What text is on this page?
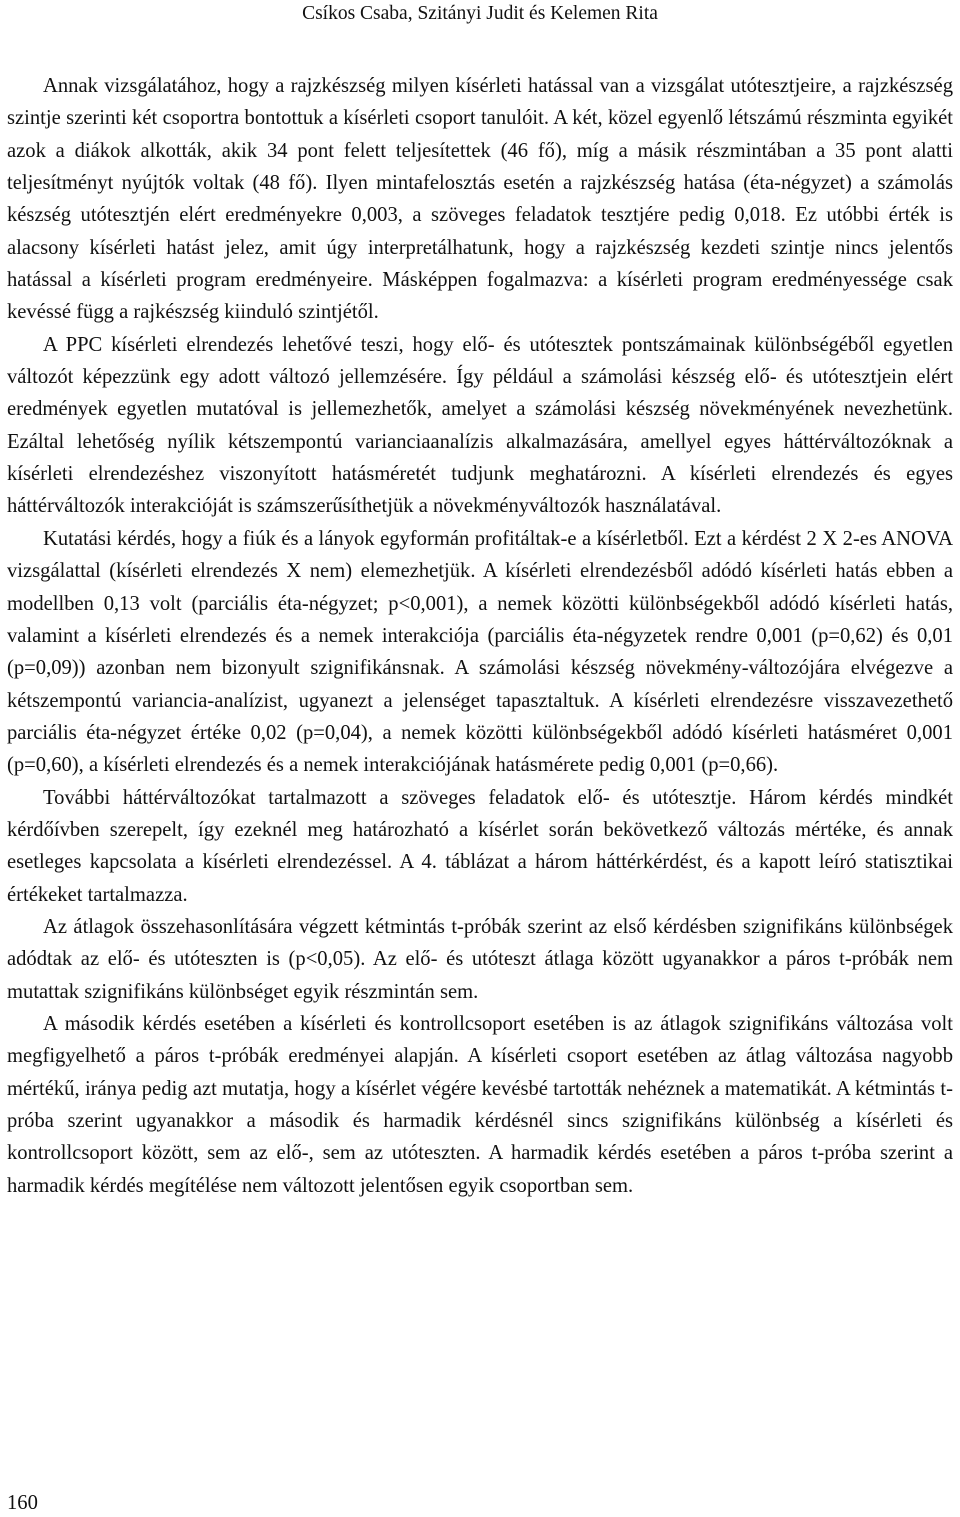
Csíkos Csaba, Szitányi Judit és Kelemen Rita

Annak vizsgálatához, hogy a rajzkészség milyen kísérleti hatással van a vizsgálat utótesztjeire, a rajzkészség szintje szerinti két csoportra bontottuk a kísérleti csoport tanulóit. A két, közel egyenlő létszámú részminta egyikét azok a diákok alkották, akik 34 pont felett teljesítettek (46 fő), míg a másik részmintában a 35 pont alatti teljesítményt nyújtók voltak (48 fő). Ilyen mintafelosztás esetén a rajzkészség hatása (éta-négyzet) a számolás készség utótesztjén elért eredményekre 0,003, a szöveges feladatok tesztjére pedig 0,018. Ez utóbbi érték is alacsony kísérleti hatást jelez, amit úgy interpretálhatunk, hogy a rajzkészség kezdeti szintje nincs jelentős hatással a kísérleti program eredményeire. Másképpen fogalmazva: a kísérleti program eredményessége csak kevéssé függ a rajkészség kiinduló szintjétől.

A PPC kísérleti elrendezés lehetővé teszi, hogy elő- és utótesztek pontszámainak különbségéből egyetlen változót képezzünk egy adott változó jellemzésére. Így például a számolási készség elő- és utótesztjein elért eredmények egyetlen mutatóval is jellemezhetők, amelyet a számolási készség növekményének nevezhetünk. Ezáltal lehetőség nyílik kétszempontú varianciaanalízis alkalmazására, amellyel egyes háttérváltozóknak a kísérleti elrendezéshez viszonyított hatásméretét tudjunk meghatározni. A kísérleti elrendezés és egyes háttérváltozók interakcióját is számszerűsíthetjük a növekményváltozók használatával.

Kutatási kérdés, hogy a fiúk és a lányok egyformán profitáltak-e a kísérletből. Ezt a kérdést 2 X 2-es ANOVA vizsgálattal (kísérleti elrendezés X nem) elemezhetjük. A kísérleti elrendezésből adódó kísérleti hatás ebben a modellben 0,13 volt (parciális éta-négyzet; p<0,001), a nemek közötti különbségekből adódó kísérleti hatás, valamint a kísérleti elrendezés és a nemek interakciója (parciális éta-négyzetek rendre 0,001 (p=0,62) és 0,01 (p=0,09)) azonban nem bizonyult szignifikánsnak. A számolási készség növekmény-változójára elvégezve a kétszempontú variancia-analízist, ugyanezt a jelenséget tapasztaltuk. A kísérleti elrendezésre visszavezethető parciális éta-négyzet értéke 0,02 (p=0,04), a nemek közötti különbségekből adódó kísérleti hatásméret 0,001 (p=0,60), a kísérleti elrendezés és a nemek interakciójának hatásmérete pedig 0,001 (p=0,66).

További háttérváltozókat tartalmazott a szöveges feladatok elő- és utótesztje. Három kérdés mindkét kérdőívben szerepelt, így ezeknél meg határozható a kísérlet során bekövetkező változás mértéke, és annak esetleges kapcsolata a kísérleti elrendezéssel. A 4. táblázat a három háttérkérdést, és a kapott leíró statisztikai értékeket tartalmazza.

Az átlagok összehasonlítására végzett kétmintás t-próbák szerint az első kérdésben szignifikáns különbségek adódtak az elő- és utóteszten is (p<0,05). Az elő- és utóteszt átlaga között ugyanakkor a páros t-próbák nem mutattak szignifikáns különbséget egyik részmintán sem.

A második kérdés esetében a kísérleti és kontrollcsoport esetében is az átlagok szignifikáns változása volt megfigyelhető a páros t-próbák eredményei alapján. A kísérleti csoport esetében az átlag változása nagyobb mértékű, iránya pedig azt mutatja, hogy a kísérlet végére kevésbé tartották nehéznek a matematikát. A kétmintás t-próba szerint ugyanakkor a második és harmadik kérdésnél sincs szignifikáns különbség a kísérleti és kontrollcsoport között, sem az elő-, sem az utóteszten. A harmadik kérdés esetében a páros t-próba szerint a harmadik kérdés megítélése nem változott jelentősen egyik csoportban sem.

160
